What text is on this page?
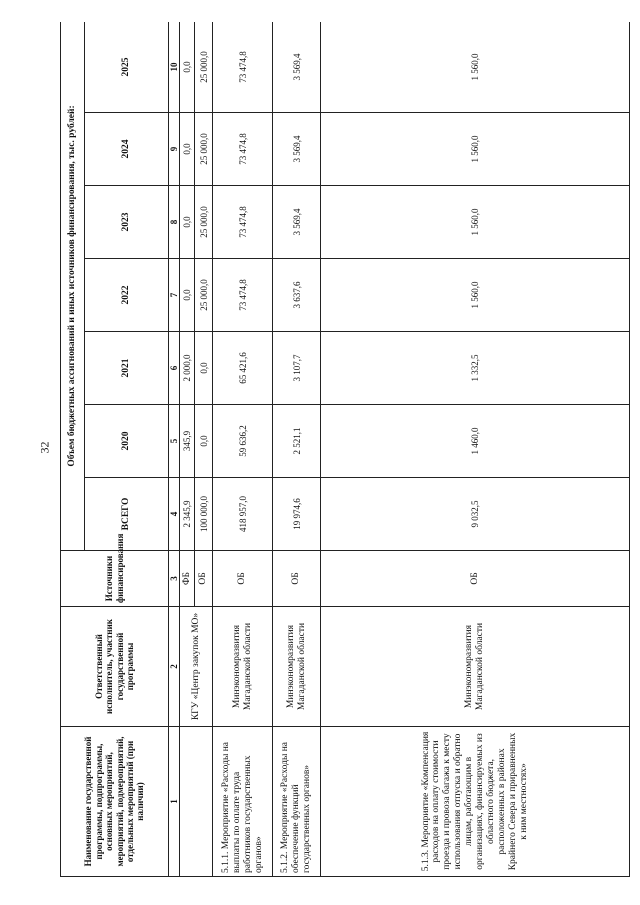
32
Наименование государственной программы, подпрограммы, основных мероприятий, мероприятий, подмероприятий, отдельных мероприятий (при наличии)	Ответственный исполнитель, участник государственной программы	Источники финансирования	Объем бюджетных ассигнований и иных источников финансирования, тыс. рублей:						
			ВСЕГО	2020	2021	2022	2023	2024	2025
1	2	3	4	5	6	7	8	9	10
	КГУ «Центр закупок МО»	ФБ	2 345,9	345,9	2 000,0	0,0	0,0	0,0	0,0
		ОБ	100 000,0	0,0	0,0	25 000,0	25 000,0	25 000,0	25 000,0
5.1.1. Мероприятие «Расходы на выплаты по оплате труда работников государственных органов»	Минэкономразвития Магаданской области	ОБ	418 957,0	59 636,2	65 421,6	73 474,8	73 474,8	73 474,8	73 474,8
5.1.2. Мероприятие «Расходы на обеспечение функций государственных органов»	Минэкономразвития Магаданской области	ОБ	19 974,6	2 521,1	3 107,7	3 637,6	3 569,4	3 569,4	3 569,4
5.1.3. Мероприятие «Компенсация расходов на оплату стоимости проезда и провоза багажа к месту использования отпуска и обратно лицам, работающим в организациях, финансируемых из областного бюджета, расположенных в районах Крайнего Севера и приравненных к ним местностях»	Минэкономразвития Магаданской области	ОБ	9 032,5	1 460,0	1 332,5	1 560,0	1 560,0	1 560,0	1 560,0
